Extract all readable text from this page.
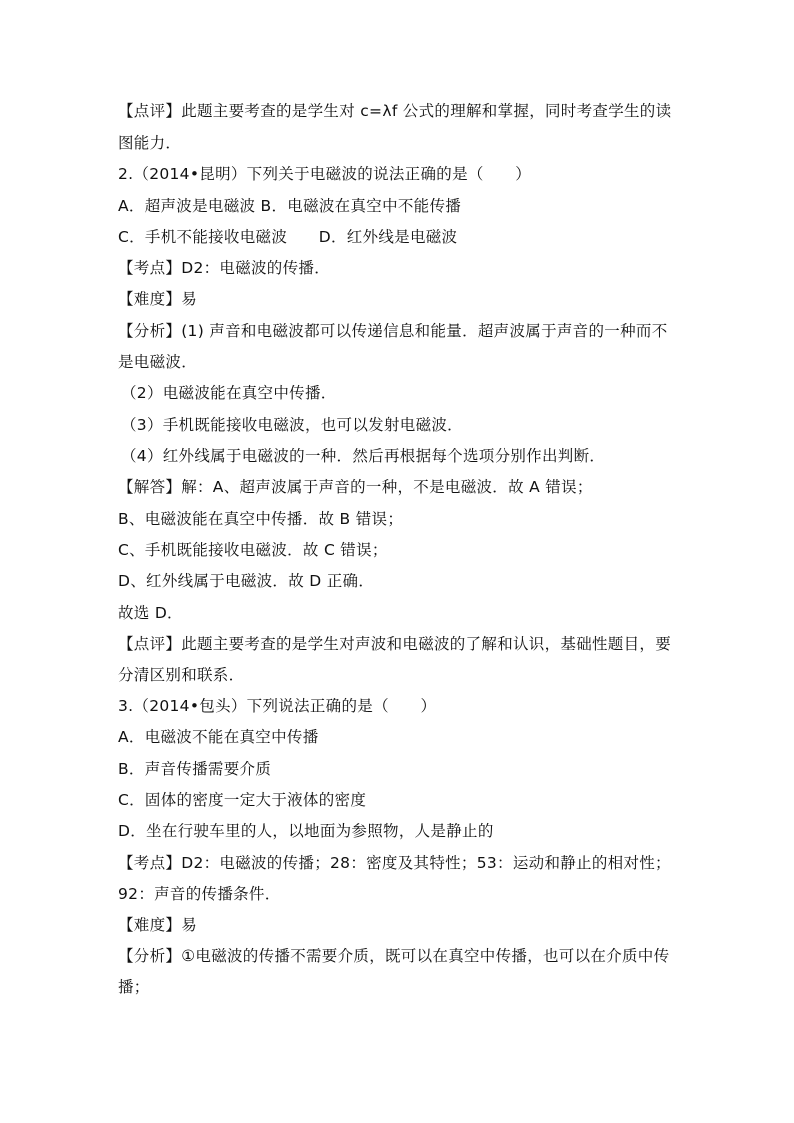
【点评】此题主要考查的是学生对 c=λf 公式的理解和掌握，同时考查学生的读
图能力．
2.（2014•昆明）下列关于电磁波的说法正确的是（　　）
A．超声波是电磁波 B．电磁波在真空中不能传播
C．手机不能接收电磁波　　D．红外线是电磁波
【考点】D2：电磁波的传播．
【难度】易
【分析】(1) 声音和电磁波都可以传递信息和能量．超声波属于声音的一种而不
是电磁波．
（2）电磁波能在真空中传播．
（3）手机既能接收电磁波，也可以发射电磁波．
（4）红外线属于电磁波的一种．然后再根据每个选项分别作出判断．
【解答】解：A、超声波属于声音的一种，不是电磁波．故 A 错误；
B、电磁波能在真空中传播．故 B 错误；
C、手机既能接收电磁波．故 C 错误；
D、红外线属于电磁波．故 D 正确．
故选 D．
【点评】此题主要考查的是学生对声波和电磁波的了解和认识，基础性题目，要
分清区别和联系．
3.（2014•包头）下列说法正确的是（　　）
A．电磁波不能在真空中传播
B．声音传播需要介质
C．固体的密度一定大于液体的密度
D．坐在行驶车里的人，以地面为参照物，人是静止的
【考点】D2：电磁波的传播；28：密度及其特性；53：运动和静止的相对性；
92：声音的传播条件．
【难度】易
【分析】①电磁波的传播不需要介质，既可以在真空中传播，也可以在介质中传
播；
